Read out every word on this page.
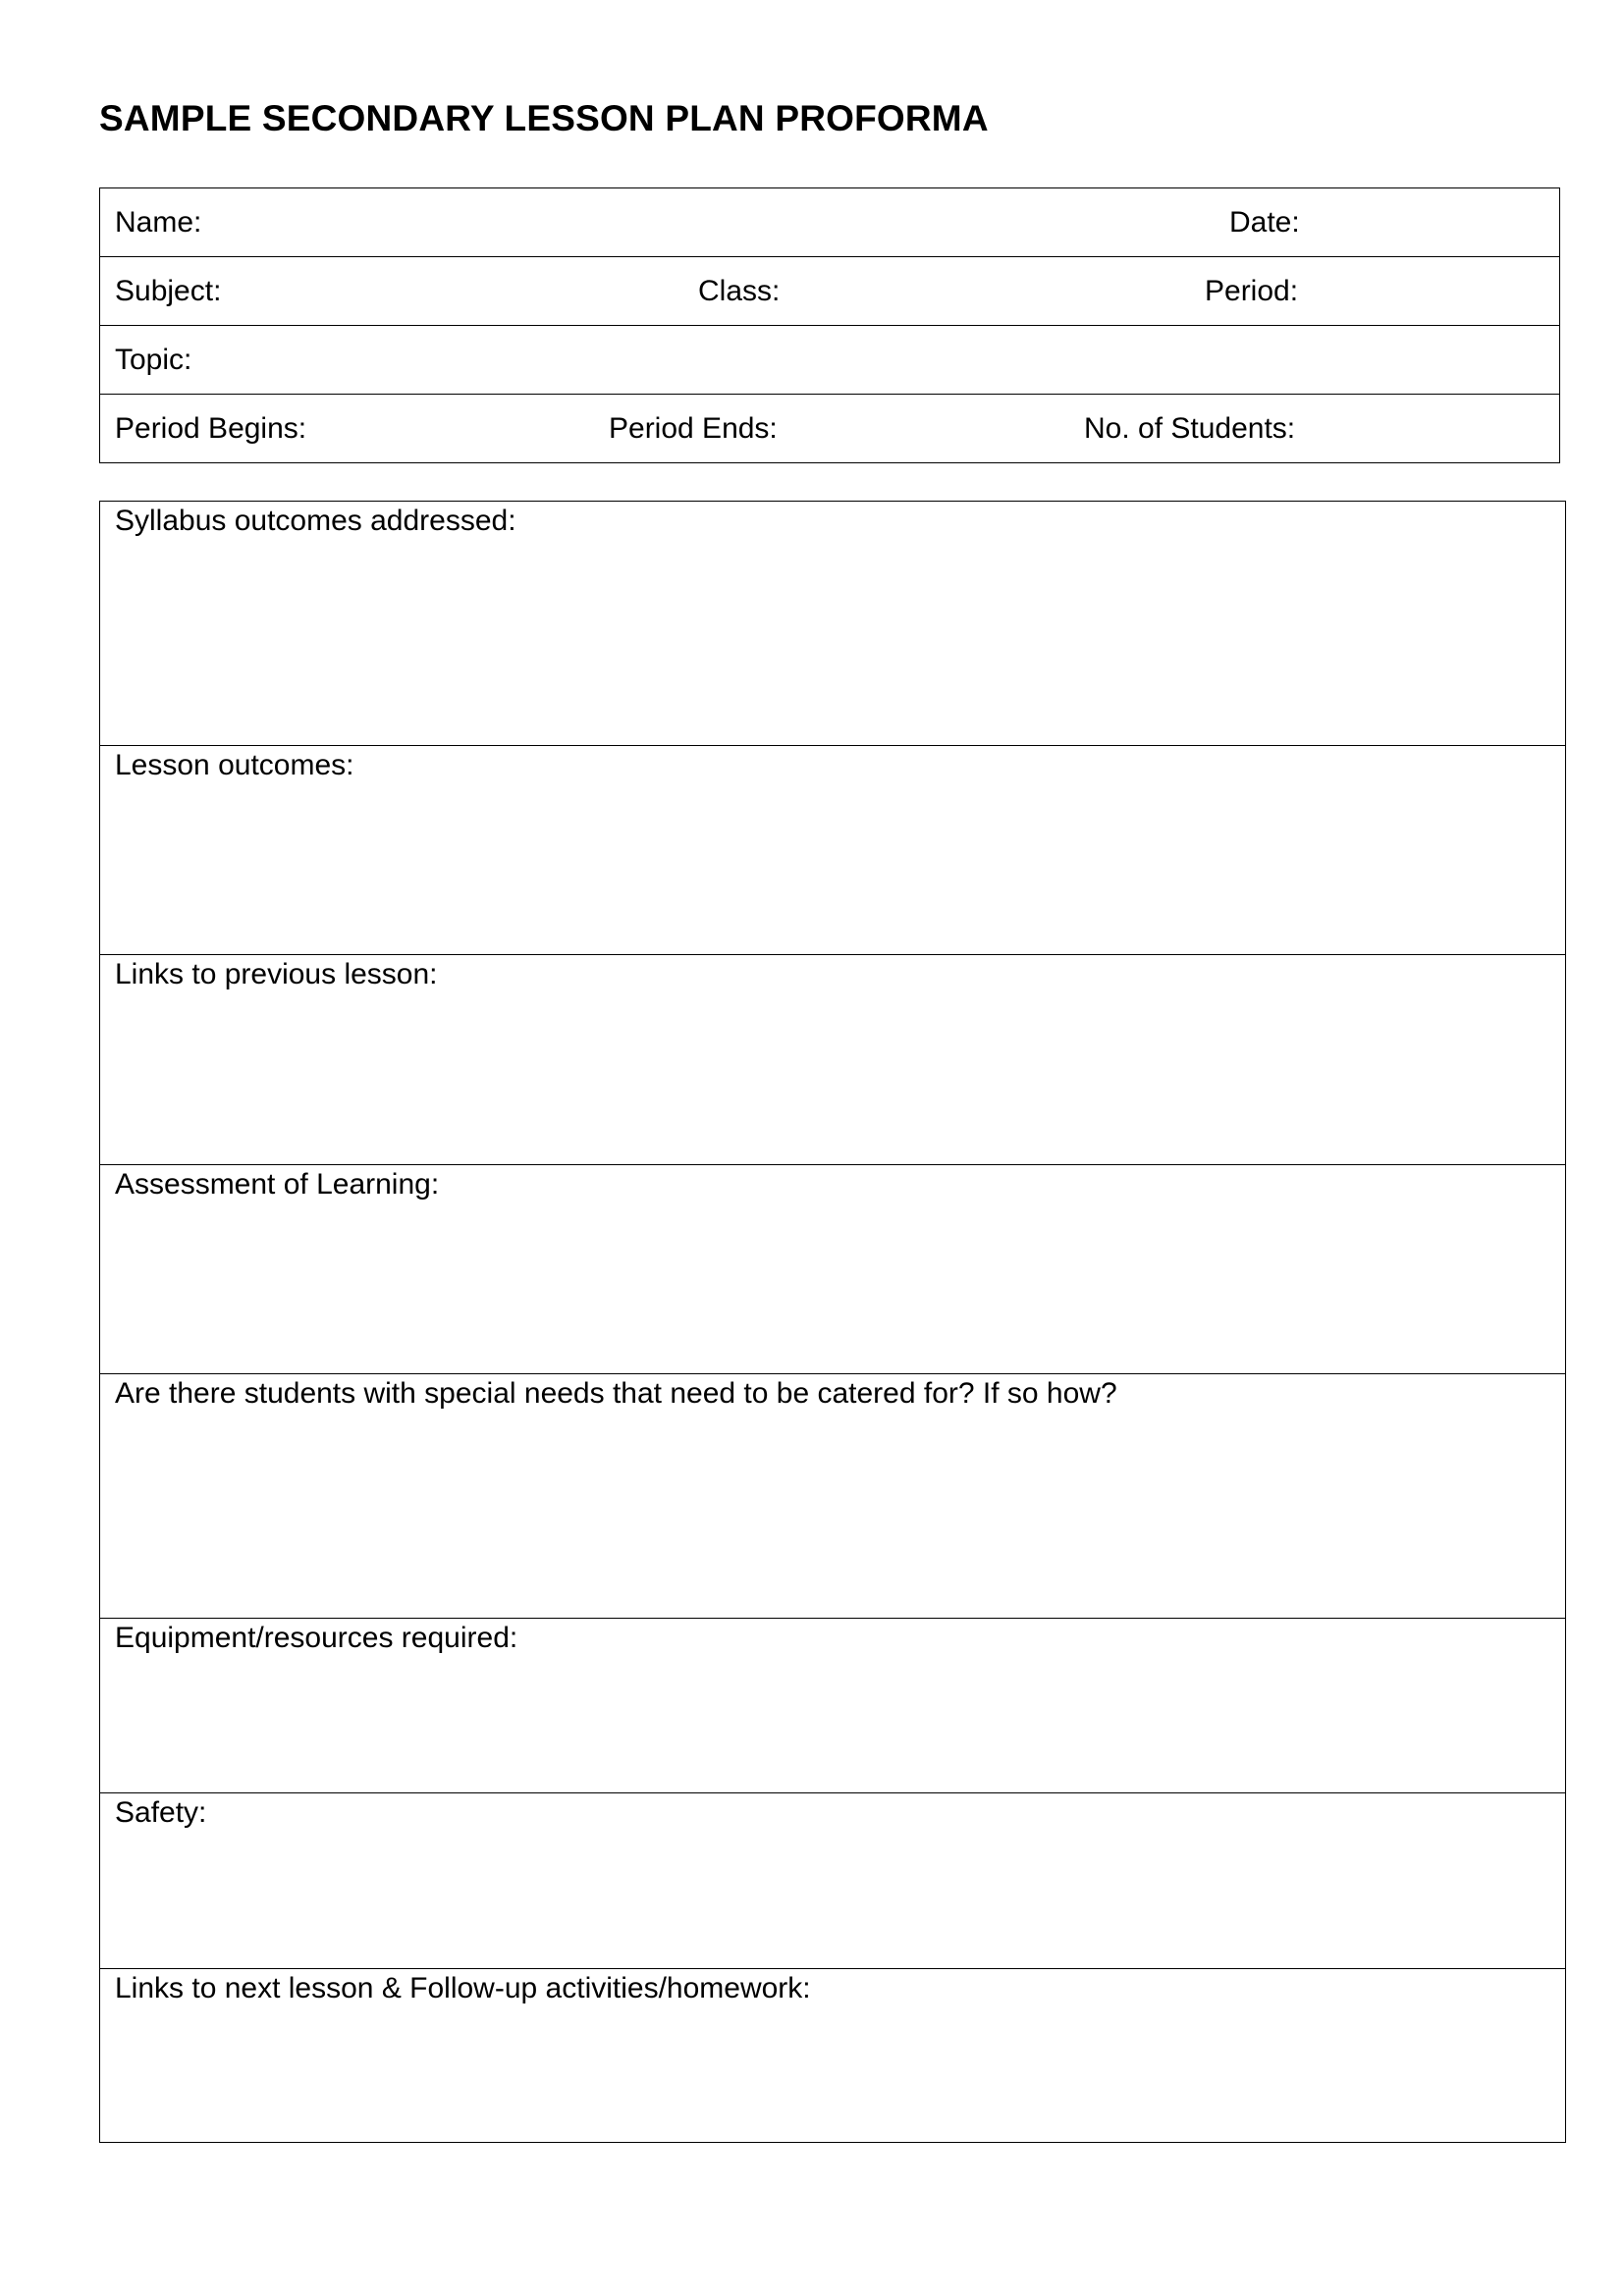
SAMPLE SECONDARY LESSON PLAN PROFORMA
Name:	Date:
Subject:	Class:	Period:
Topic:
Period Begins:	Period Ends:	No. of Students:
Syllabus outcomes addressed:
Lesson outcomes:
Links to previous lesson:
Assessment of Learning:
Are there students with special needs that need to be catered for? If so how?
Equipment/resources required:
Safety:
Links to next lesson & Follow-up activities/homework:
